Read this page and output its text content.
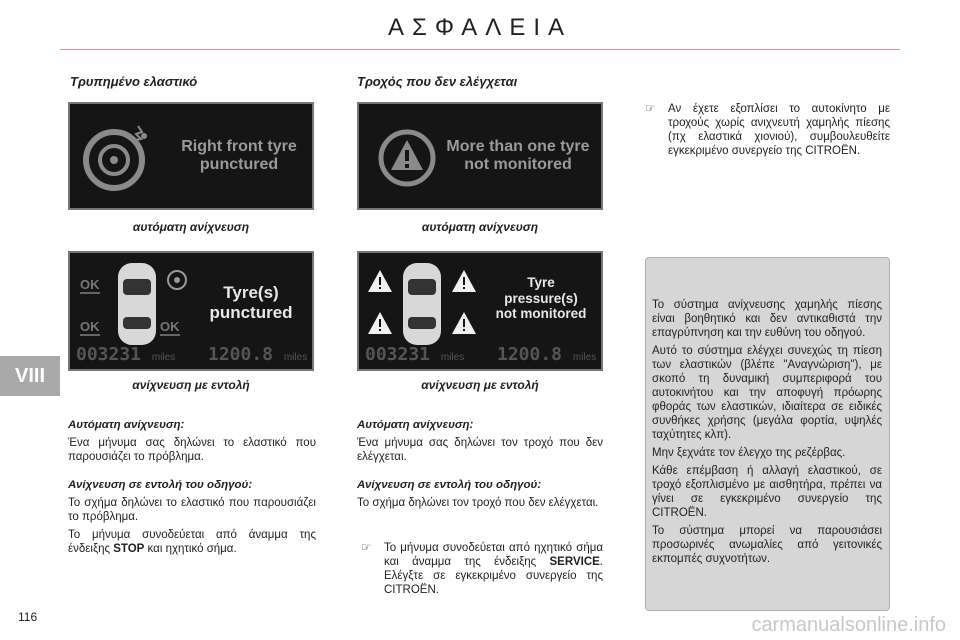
ΑΣΦΑΛΕΙΑ
VIII
116	carmanualsonline.info
Τρυπημένο ελαστικό
Right front tyre
punctured
αυτόματη ανίχνευση
OK
OK	OK
Tyre(s)
punctured
003231 miles 1200.8 miles
ανίχνευση με εντολή

Αυτόματη ανίχνευση:

Ένα μήνυμα σας δηλώνει το ελαστικό που παρουσιάζει το πρόβλημα.

Ανίχνευση σε εντολή του οδηγού:

Το σχήμα δηλώνει το ελαστικό που παρουσιάζει το πρόβλημα.

Το μήνυμα συνοδεύεται από άναμμα της ένδειξης STOP και ηχητικό σήμα.

Τροχός που δεν ελέγχεται
More than one tyre
not monitored
αυτόματη ανίχνευση
Tyre
pressure(s)
not monitored
003231 miles 1200.8 miles
ανίχνευση με εντολή

Αυτόματη ανίχνευση:

Ένα μήνυμα σας δηλώνει τον τροχό που δεν ελέγχεται.

Ανίχνευση σε εντολή του οδηγού:

Το σχήμα δηλώνει τον τροχό που δεν ελέγχεται.

☞ Το μήνυμα συνοδεύεται από ηχητικό σήμα και άναμμα της ένδειξης SERVICE. Ελέγξτε σε εγκεκριμένο συνεργείο της CITROËN.
☞ Αν έχετε εξοπλίσει το αυτοκίνητο με τροχούς χωρίς ανιχνευτή χαμηλής πίεσης (πχ ελαστικά χιονιού), συμβουλευθείτε εγκεκριμένο συνεργείο της CITROËN.

Το σύστημα ανίχνευσης χαμηλής πίεσης είναι βοηθητικό και δεν αντικαθιστά την επαγρύπνηση και την ευθύνη του οδηγού.

Αυτό το σύστημα ελέγχει συνεχώς τη πίεση των ελαστικών (βλέπε "Αναγνώριση"), με σκοπό τη δυναμική συμπεριφορά του αυτοκινήτου και την αποφυγή πρόωρης φθοράς των ελαστικών, ιδιαίτερα σε ειδικές συνθήκες χρήσης (μεγάλα φορτία, υψηλές ταχύτητες κλπ).

Μην ξεχνάτε τον έλεγχο της ρεζέρβας.

Κάθε επέμβαση ή αλλαγή ελαστικού, σε τροχό εξοπλισμένο με αισθητήρα, πρέπει να γίνει σε εγκεκριμένο συνεργείο της CITROËN.

Το σύστημα μπορεί να παρουσιάσει προσωρινές ανωμαλίες από γειτονικές εκπομπές συχνοτήτων.
